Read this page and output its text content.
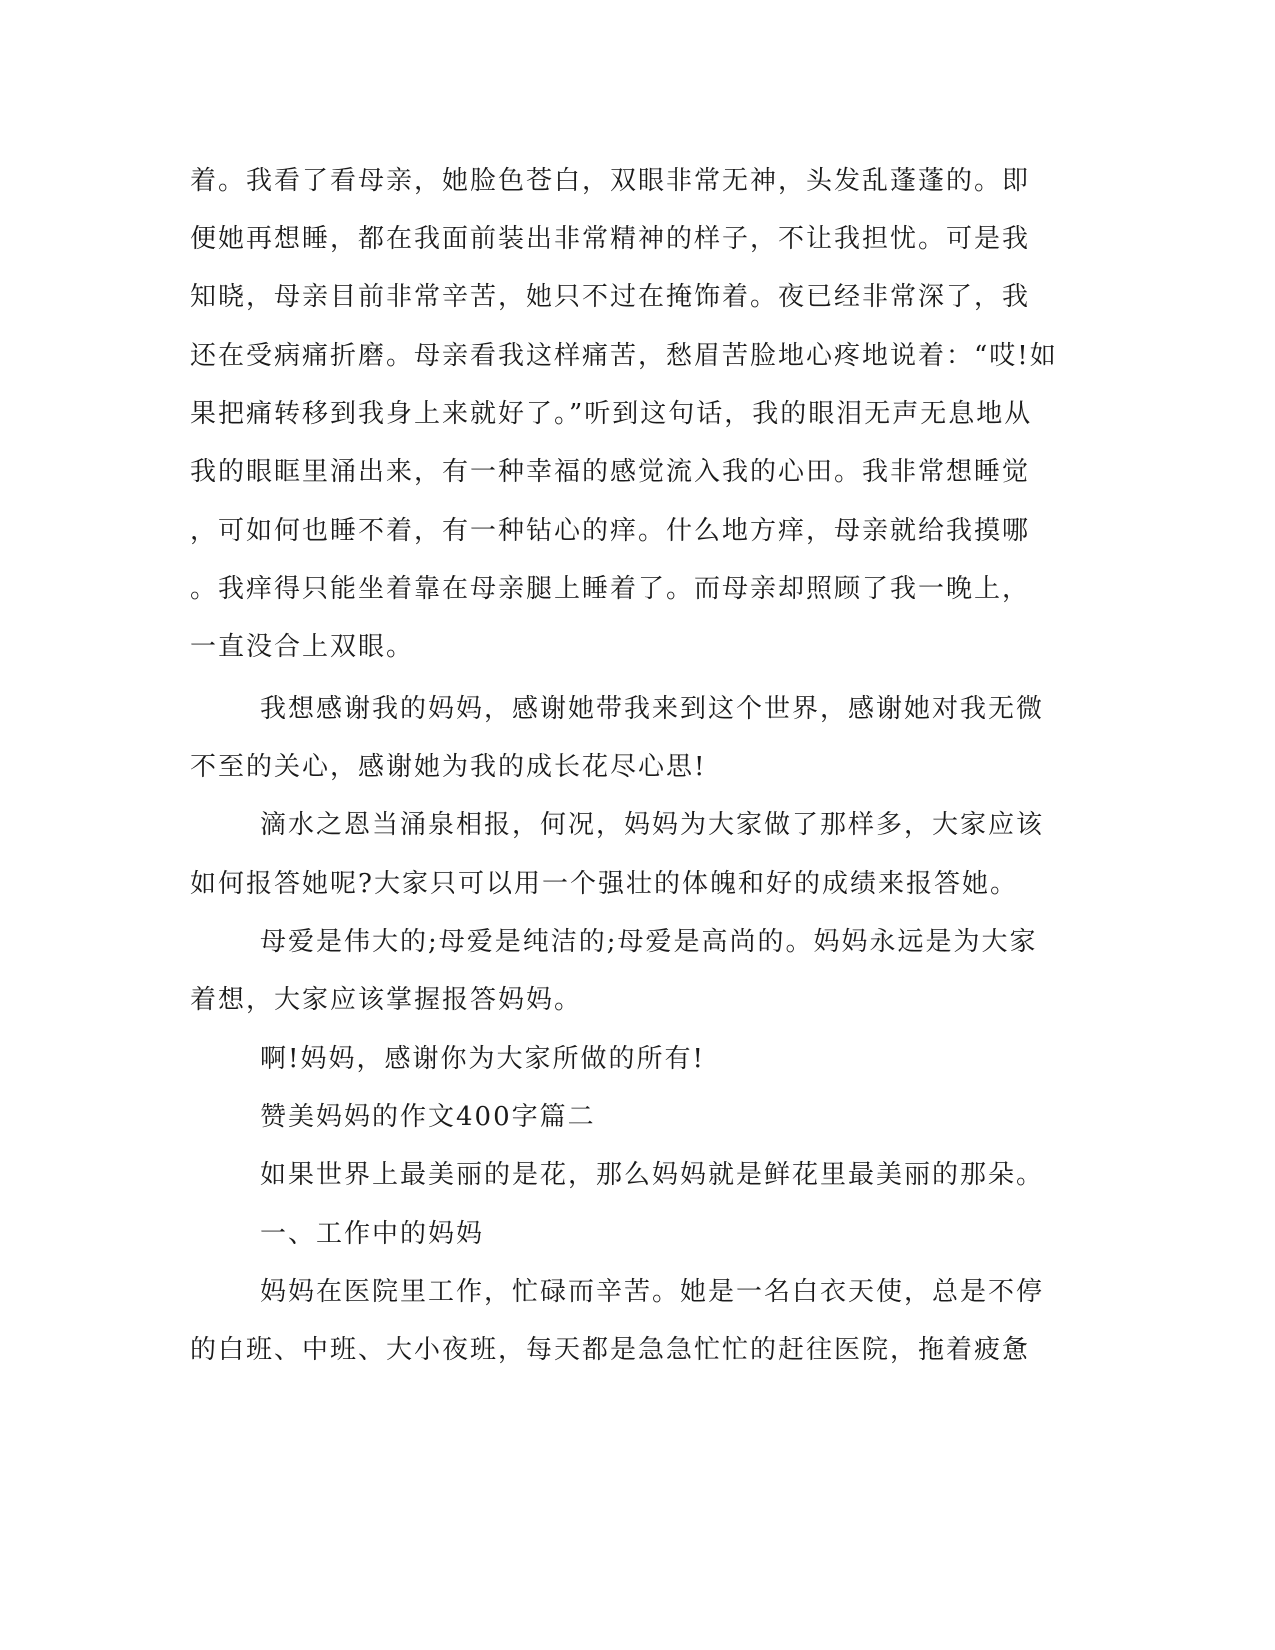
着。我看了看母亲，她脸色苍白，双眼非常无神，头发乱蓬蓬的。即
便她再想睡，都在我面前装出非常精神的样子，不让我担忧。可是我
知晓，母亲目前非常辛苦，她只不过在掩饰着。夜已经非常深了，我
还在受病痛折磨。母亲看我这样痛苦，愁眉苦脸地心疼地说着：“哎!如
果把痛转移到我身上来就好了。”听到这句话，我的眼泪无声无息地从
我的眼眶里涌出来，有一种幸福的感觉流入我的心田。我非常想睡觉
，可如何也睡不着，有一种钻心的痒。什么地方痒，母亲就给我摸哪
。我痒得只能坐着靠在母亲腿上睡着了。而母亲却照顾了我一晚上，
一直没合上双眼。
我想感谢我的妈妈，感谢她带我来到这个世界，感谢她对我无微
不至的关心，感谢她为我的成长花尽心思!
滴水之恩当涌泉相报，何况，妈妈为大家做了那样多，大家应该
如何报答她呢?大家只可以用一个强壮的体魄和好的成绩来报答她。
母爱是伟大的;母爱是纯洁的;母爱是高尚的。妈妈永远是为大家
着想，大家应该掌握报答妈妈。
啊!妈妈，感谢你为大家所做的所有!
赞美妈妈的作文400字篇二
如果世界上最美丽的是花，那么妈妈就是鲜花里最美丽的那朵。
一、工作中的妈妈
妈妈在医院里工作，忙碌而辛苦。她是一名白衣天使，总是不停
的白班、中班、大小夜班，每天都是急急忙忙的赶往医院，拖着疲惫
